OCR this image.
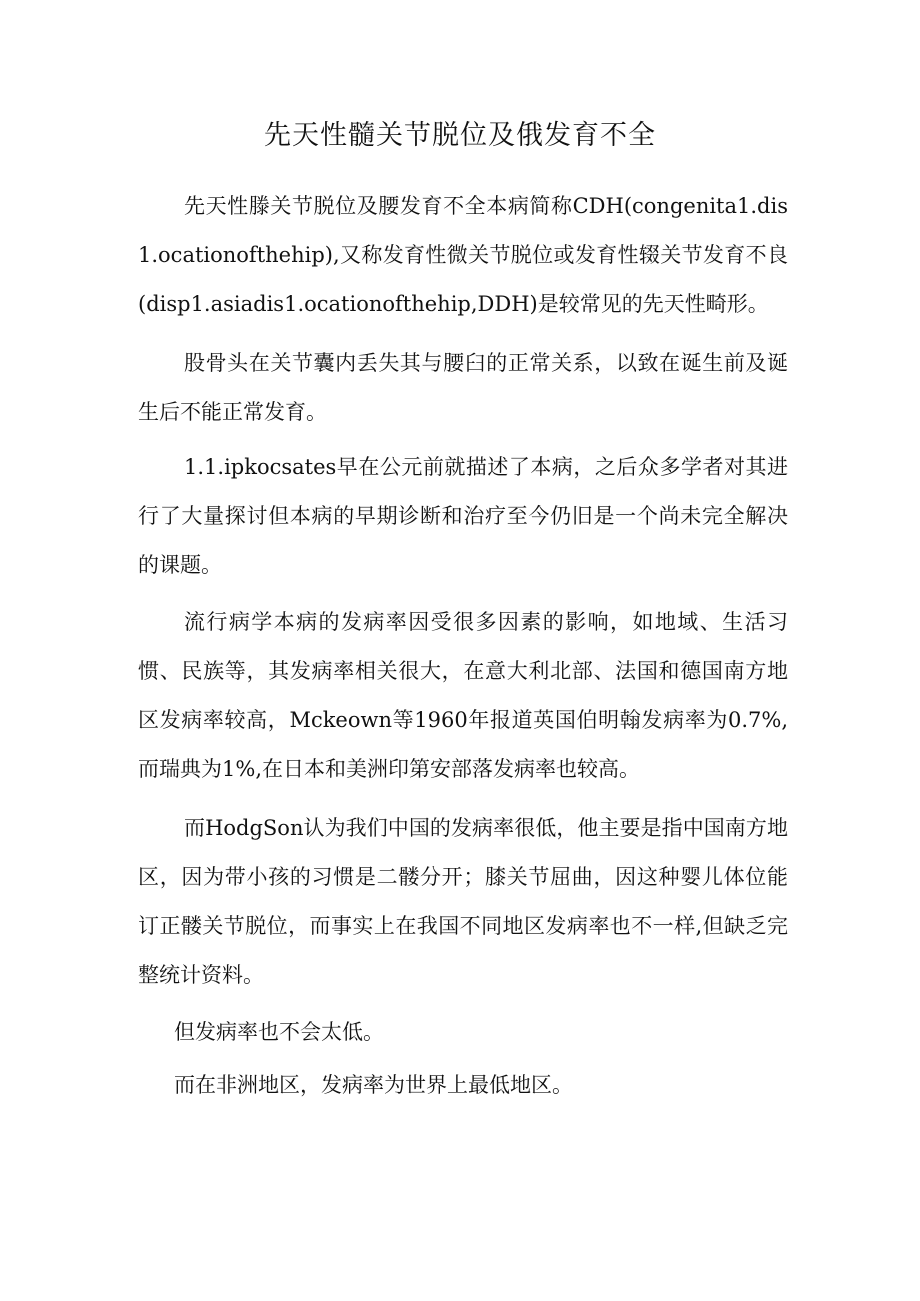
先天性髓关节脱位及俄发育不全

先天性滕关节脱位及腰发育不全本病简称CDH(congenita1.dis1.ocationofthehip),又称发育性微关节脱位或发育性辍关节发育不良(disp1.asiadis1.ocationofthehip,DDH)是较常见的先天性畸形。

股骨头在关节囊内丢失其与腰臼的正常关系，以致在诞生前及诞生后不能正常发育。

1.1.ipkocsates早在公元前就描述了本病，之后众多学者对其进行了大量探讨但本病的早期诊断和治疗至今仍旧是一个尚未完全解决的课题。

流行病学本病的发病率因受很多因素的影响，如地域、生活习惯、民族等，其发病率相关很大，在意大利北部、法国和德国南方地区发病率较高，Mckeown等1960年报道英国伯明翰发病率为0.7%,而瑞典为1%,在日本和美洲印第安部落发病率也较高。

而HodgSon认为我们中国的发病率很低，他主要是指中国南方地区，因为带小孩的习惯是二髅分开；膝关节屈曲，因这种婴儿体位能订正髅关节脱位，而事实上在我国不同地区发病率也不一样,但缺乏完整统计资料。

但发病率也不会太低。

而在非洲地区，发病率为世界上最低地区。
